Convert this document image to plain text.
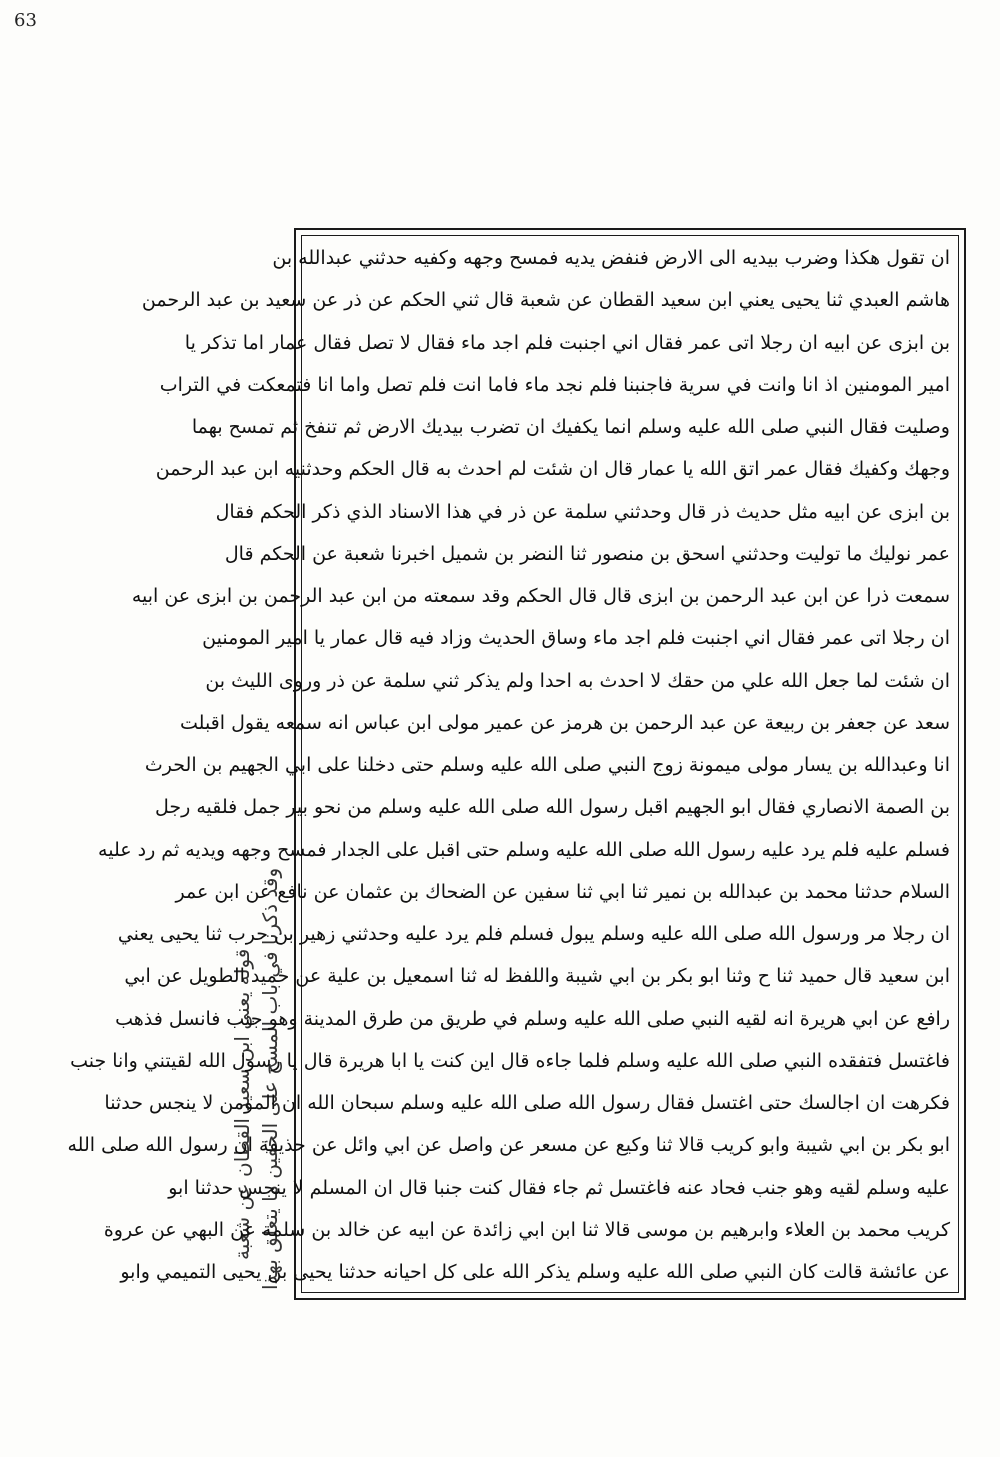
63
قوله يعني ابن سعيد القطان عن شعبة وقد ذكرنا في باب المسح على الخفين ما يتعلق بهذا
ان تقول هكذا وضرب بيديه الى الارض فنفض يديه فمسح وجهه وكفيه حدثني عبدالله بن
هاشم العبدي ثنا يحيى يعني ابن سعيد القطان عن شعبة قال ثني الحكم عن ذر عن سعيد بن عبد الرحمن
بن ابزى عن ابيه ان رجلا اتى عمر فقال اني اجنبت فلم اجد ماء فقال لا تصل فقال عمار اما تذكر يا
امير المومنين اذ انا وانت في سرية فاجنبنا فلم نجد ماء فاما انت فلم تصل واما انا فتمعكت في التراب
وصليت فقال النبي صلى الله عليه وسلم انما يكفيك ان تضرب بيديك الارض ثم تنفخ ثم تمسح بهما
وجهك وكفيك فقال عمر اتق الله يا عمار قال ان شئت لم احدث به قال الحكم وحدثنيه ابن عبد الرحمن
بن ابزى عن ابيه مثل حديث ذر قال وحدثني سلمة عن ذر في هذا الاسناد الذي ذكر الحكم فقال
عمر نوليك ما توليت وحدثني اسحق بن منصور ثنا النضر بن شميل اخبرنا شعبة عن الحكم قال
سمعت ذرا عن ابن عبد الرحمن بن ابزى قال قال الحكم وقد سمعته من ابن عبد الرحمن بن ابزى عن ابيه
ان رجلا اتى عمر فقال اني اجنبت فلم اجد ماء وساق الحديث وزاد فيه قال عمار يا امير المومنين
ان شئت لما جعل الله علي من حقك لا احدث به احدا ولم يذكر ثني سلمة عن ذر وروى الليث بن
سعد عن جعفر بن ربيعة عن عبد الرحمن بن هرمز عن عمير مولى ابن عباس انه سمعه يقول اقبلت
انا وعبدالله بن يسار مولى ميمونة زوج النبي صلى الله عليه وسلم حتى دخلنا على ابي الجهيم بن الحرث
بن الصمة الانصاري فقال ابو الجهيم اقبل رسول الله صلى الله عليه وسلم من نحو بير جمل فلقيه رجل
فسلم عليه فلم يرد عليه رسول الله صلى الله عليه وسلم حتى اقبل على الجدار فمسح وجهه ويديه ثم رد عليه
السلام حدثنا محمد بن عبدالله بن نمير ثنا ابي ثنا سفين عن الضحاك بن عثمان عن نافع عن ابن عمر
ان رجلا مر ورسول الله صلى الله عليه وسلم يبول فسلم فلم يرد عليه وحدثني زهير بن حرب ثنا يحيى يعني
ابن سعيد قال حميد ثنا ح وثنا ابو بكر بن ابي شيبة واللفظ له ثنا اسمعيل بن علية عن حميد الطويل عن ابي
رافع عن ابي هريرة انه لقيه النبي صلى الله عليه وسلم في طريق من طرق المدينة وهو جنب فانسل فذهب
فاغتسل فتفقده النبي صلى الله عليه وسلم فلما جاءه قال اين كنت يا ابا هريرة قال يا رسول الله لقيتني وانا جنب
فكرهت ان اجالسك حتى اغتسل فقال رسول الله صلى الله عليه وسلم سبحان الله ان المومن لا ينجس حدثنا
ابو بكر بن ابي شيبة وابو كريب قالا ثنا وكيع عن مسعر عن واصل عن ابي وائل عن حذيفة ان رسول الله صلى الله
عليه وسلم لقيه وهو جنب فحاد عنه فاغتسل ثم جاء فقال كنت جنبا قال ان المسلم لا ينجس حدثنا ابو
كريب محمد بن العلاء وابرهيم بن موسى قالا ثنا ابن ابي زائدة عن ابيه عن خالد بن سلمة عن البهي عن عروة
عن عائشة قالت كان النبي صلى الله عليه وسلم يذكر الله على كل احيانه حدثنا يحيى بن يحيى التميمي وابو
